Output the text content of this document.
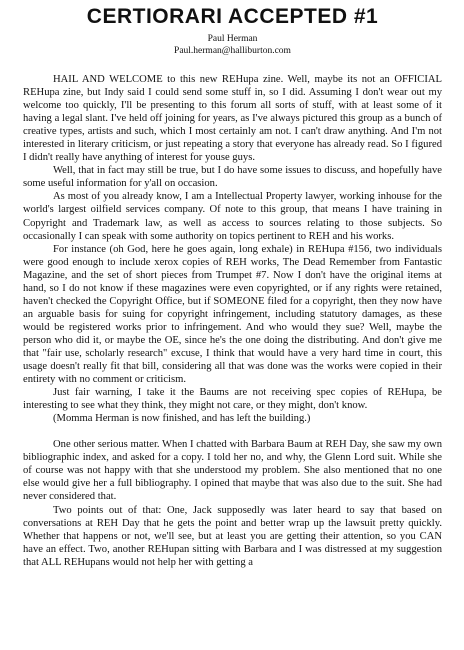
CERTIORARI ACCEPTED #1
Paul Herman
Paul.herman@halliburton.com

HAIL AND WELCOME to this new REHupa zine. Well, maybe its not an OFFICIAL REHupa zine, but Indy said I could send some stuff in, so I did. Assuming I don't wear out my welcome too quickly, I'll be presenting to this forum all sorts of stuff, with at least some of it having a legal slant. I've held off joining for years, as I've always pictured this group as a bunch of creative types, artists and such, which I most certainly am not. I can't draw anything. And I'm not interested in literary criticism, or just repeating a story that everyone has already read. So I figured I didn't really have anything of interest for youse guys.

Well, that in fact may still be true, but I do have some issues to discuss, and hopefully have some useful information for y'all on occasion.

As most of you already know, I am a Intellectual Property lawyer, working inhouse for the world's largest oilfield services company. Of note to this group, that means I have training in Copyright and Trademark law, as well as access to sources relating to those subjects. So occasionally I can speak with some authority on topics pertinent to REH and his works.

For instance (oh God, here he goes again, long exhale) in REHupa #156, two individuals were good enough to include xerox copies of REH works, The Dead Remember from Fantastic Magazine, and the set of short pieces from Trumpet #7. Now I don't have the original items at hand, so I do not know if these magazines were even copyrighted, or if any rights were retained, haven't checked the Copyright Office, but if SOMEONE filed for a copyright, then they now have an arguable basis for suing for copyright infringement, including statutory damages, as these would be registered works prior to infringement. And who would they sue? Well, maybe the person who did it, or maybe the OE, since he's the one doing the distributing. And don't give me that "fair use, scholarly research" excuse, I think that would have a very hard time in court, this usage doesn't really fit that bill, considering all that was done was the works were copied in their entirety with no comment or criticism.

Just fair warning, I take it the Baums are not receiving spec copies of REHupa, be interesting to see what they think, they might not care, or they might, don't know.

(Momma Herman is now finished, and has left the building.)

One other serious matter. When I chatted with Barbara Baum at REH Day, she saw my own bibliographic index, and asked for a copy. I told her no, and why, the Glenn Lord suit. While she of course was not happy with that she understood my problem. She also mentioned that no one else would give her a full bibliography. I opined that maybe that was also due to the suit. She had never considered that.

Two points out of that: One, Jack supposedly was later heard to say that based on conversations at REH Day that he gets the point and better wrap up the lawsuit pretty quickly. Whether that happens or not, we'll see, but at least you are getting their attention, so you CAN have an effect. Two, another REHupan sitting with Barbara and I was distressed at my suggestion that ALL REHupans would not help her with getting a
